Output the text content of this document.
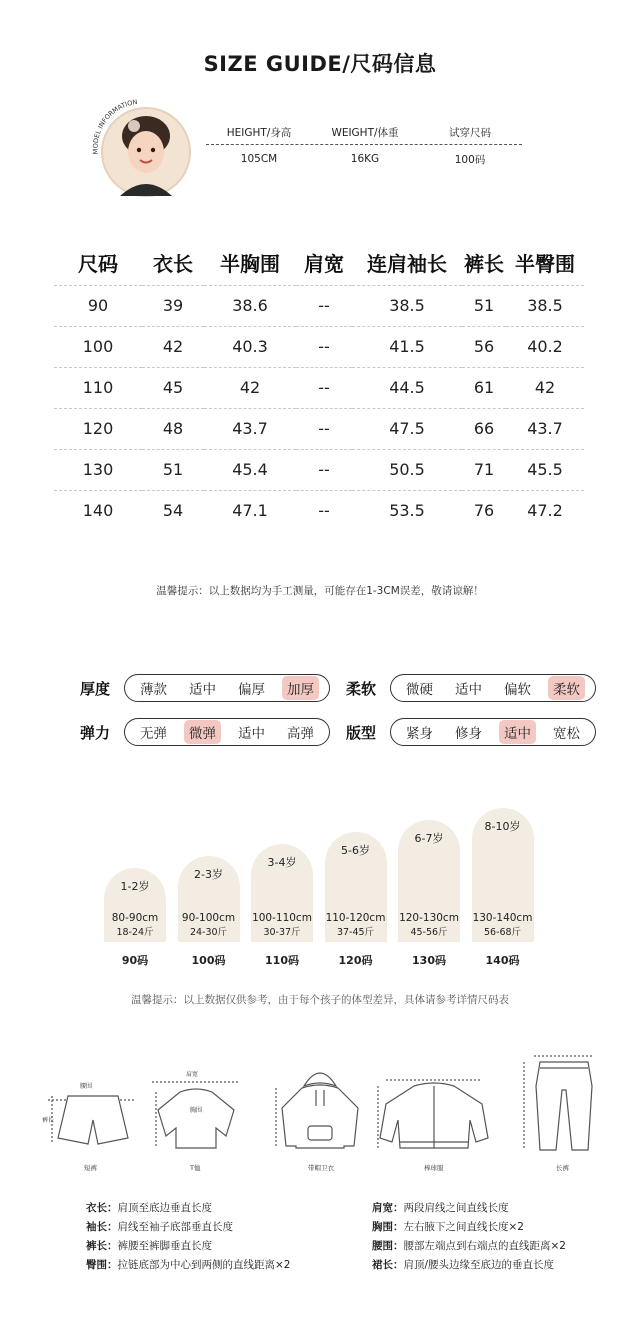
SIZE GUIDE/尺码信息
MODEL INFORMATION
HEIGHT/身高	WEIGHT/体重	试穿尺码
105CM	16KG	100码
尺码	衣长	半胸围	肩宽	连肩袖长	裤长	半臀围
90	39	38.6	--	38.5	51	38.5
100	42	40.3	--	41.5	56	40.2
110	45	42	--	44.5	61	42
120	48	43.7	--	47.5	66	43.7
130	51	45.4	--	50.5	71	45.5
140	54	47.1	--	53.5	76	47.2
温馨提示：以上数据均为手工测量，可能存在1-3CM误差，敬请谅解！
厚度	薄款	适中	偏厚	加厚	柔软	微硬	适中	偏软	柔软
弹力	无弹	微弹	适中	高弹	版型	紧身	修身	适中	宽松
1-2岁
80-90cm
18-24斤
90码
2-3岁
90-100cm
24-30斤
100码
3-4岁
100-110cm
30-37斤
110码
5-6岁
110-120cm
37-45斤
120码
6-7岁
120-130cm
45-56斤
130码
8-10岁
130-140cm
56-68斤
140码
温馨提示：以上数据仅供参考，由于每个孩子的体型差异，具体请参考详情尺码表
腰围
裤长
短裤
肩宽
胸围
T恤	带帽卫衣	棒球服	长裤
衣长：肩顶至底边垂直长度
袖长：肩线至袖子底部垂直长度
裤长：裤腰至裤脚垂直长度
臀围：拉链底部为中心到两侧的直线距离×2
肩宽：两段肩线之间直线长度
胸围：左右腋下之间直线长度×2
腰围：腰部左端点到右端点的直线距离×2
裙长：肩顶/腰头边缘至底边的垂直长度
